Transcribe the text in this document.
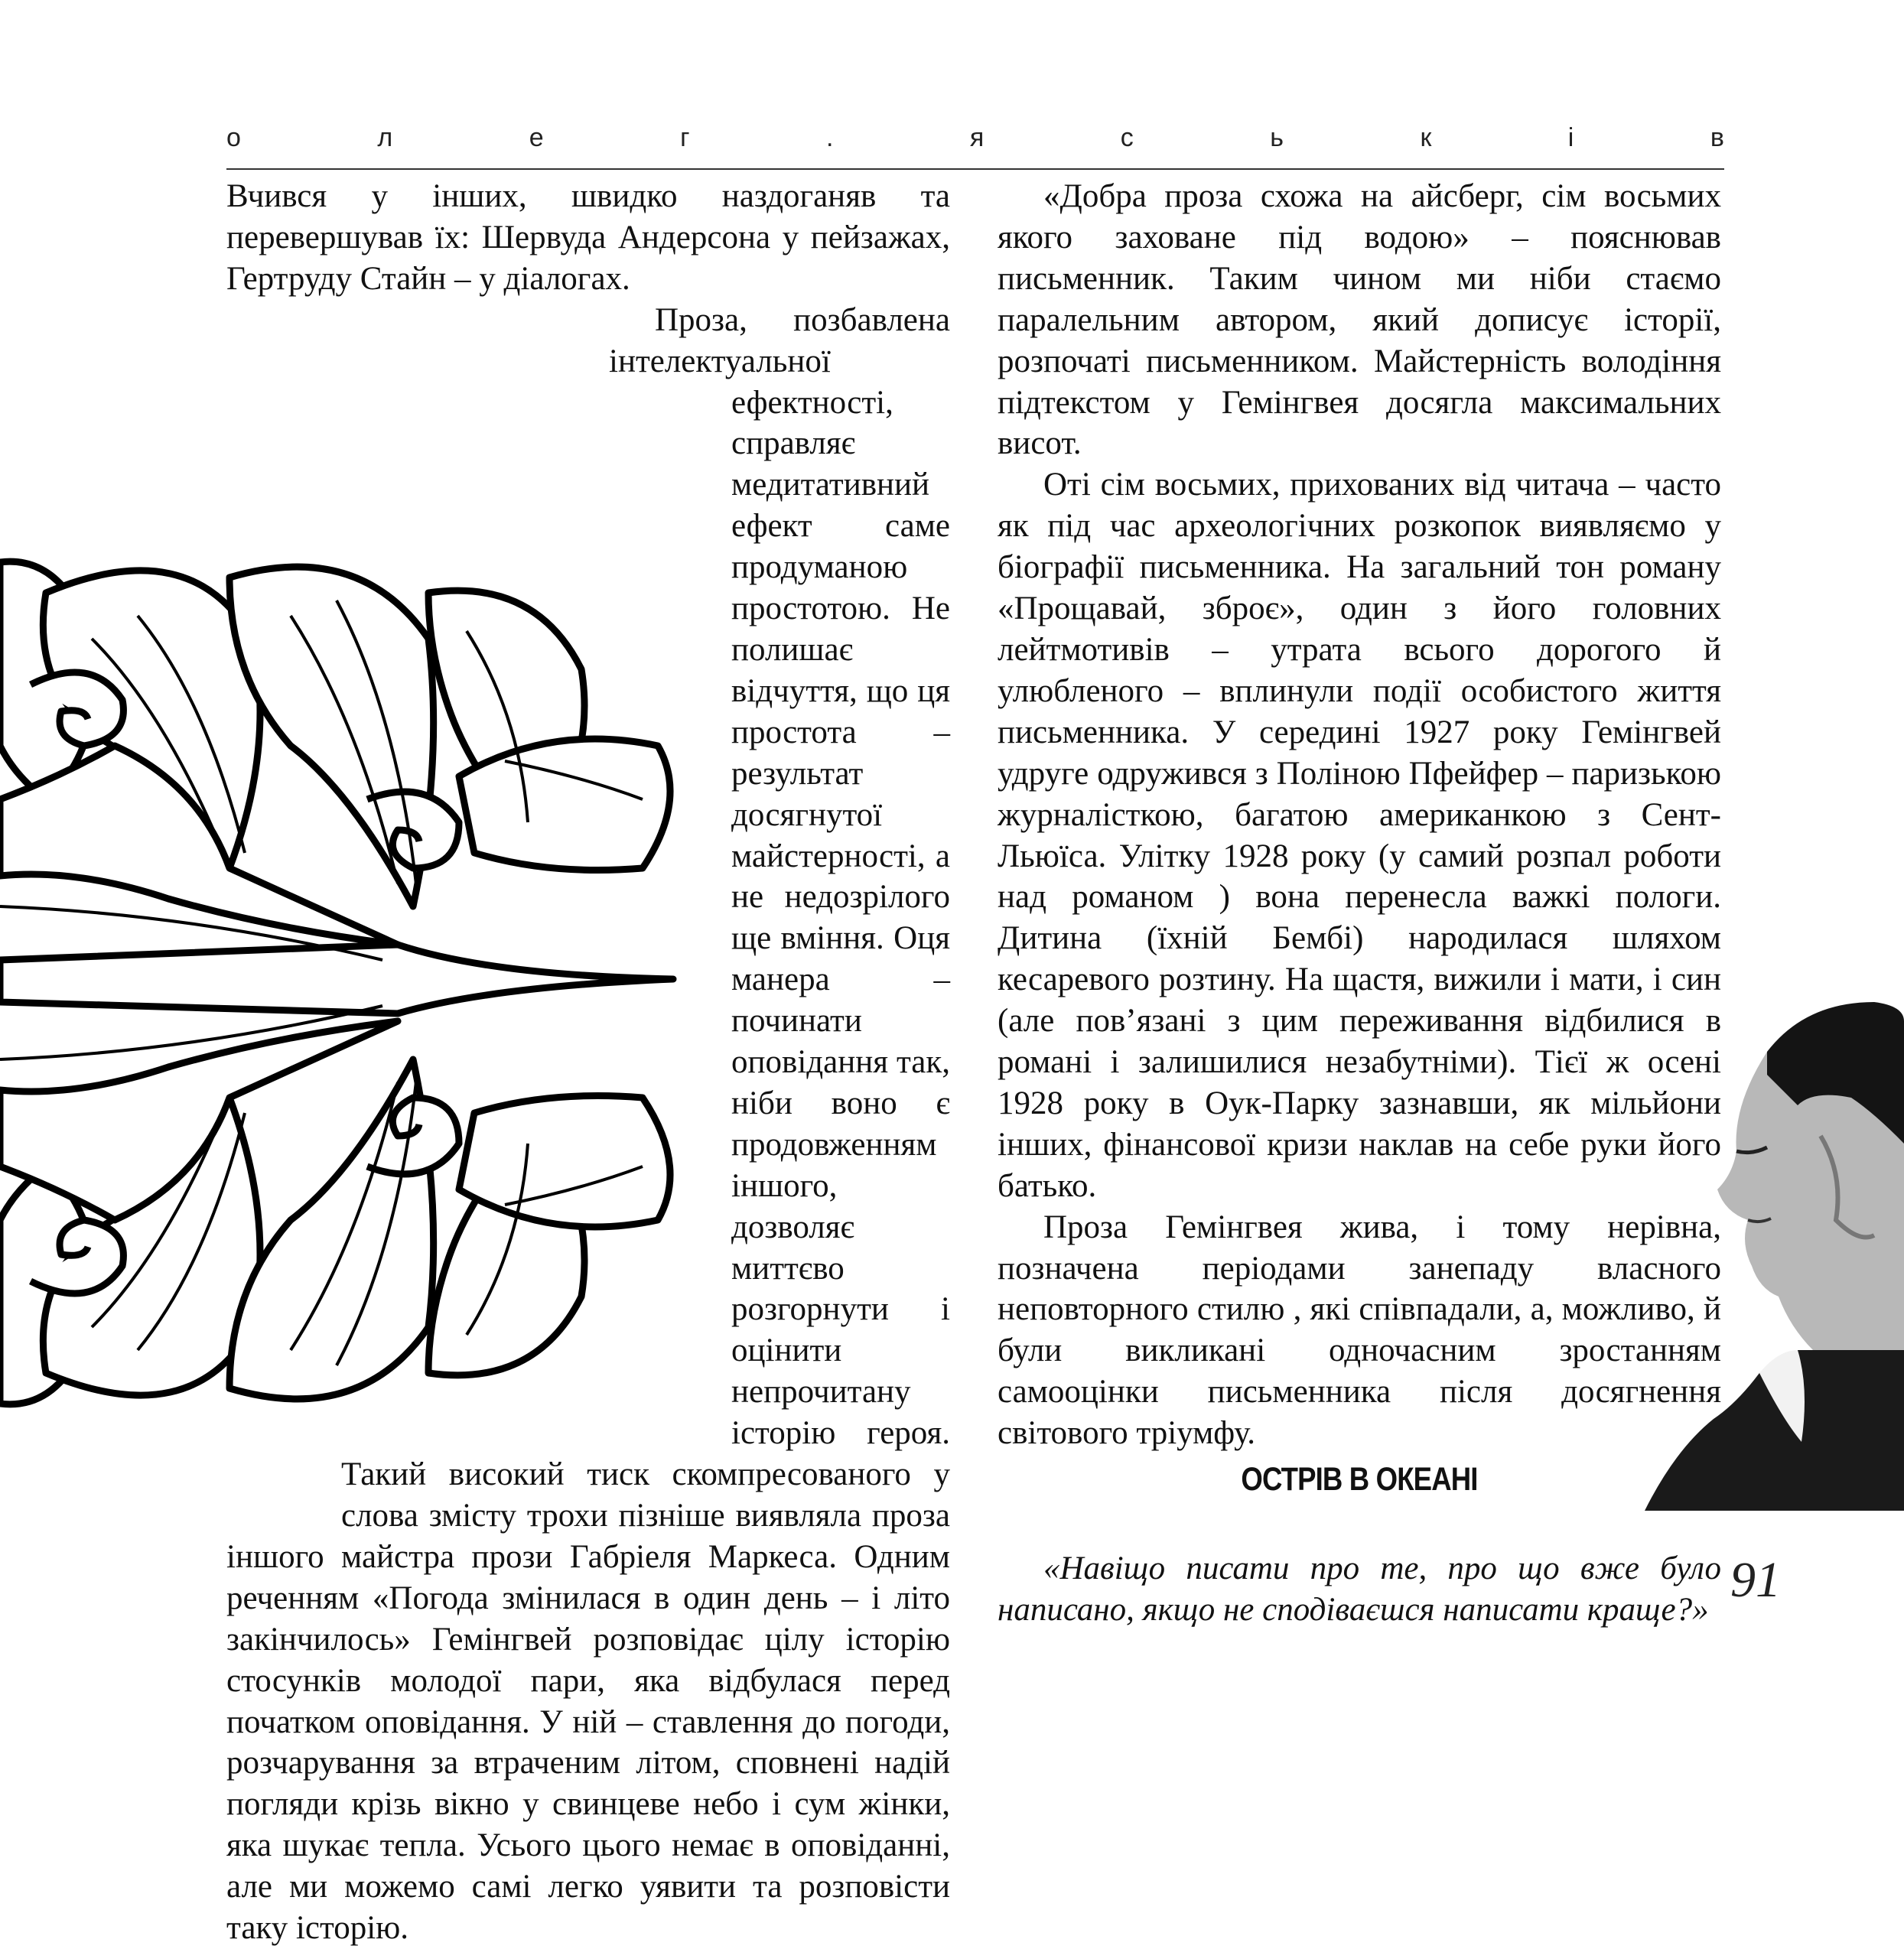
о	л	е	г	.	я	с	ь	к	і	в

Вчився у інших, швидко наздоганяв та перевершував їх: Шервуда Андерсона у пейзажах, Гертруду Стайн – у діалогах.

Проза, позбавлена інтелектуальної ефектності, справляє медитативний ефект саме продуманою простотою. Не полишає відчуття, що ця простота – результат досягнутої майстерності, а не недозрілого ще вміння. Оця манера – починати оповідання так, ніби воно є продовженням іншого, дозволяє миттєво розгорнути і оцінити непрочитану історію героя. Такий високий тиск скомпресованого у слова змісту трохи пізніше виявляла проза іншого майстра прози Габріеля Маркеса. Одним реченням «Погода змінилася в один день – і літо закінчилось» Гемінгвей розповідає цілу історію стосунків молодої пари, яка відбулася перед початком оповідання. У ній – ставлення до погоди, розчарування за втраченим літом, сповнені надій погляди крізь вікно у свинцеве небо і сум жінки, яка шукає тепла. Усього цього немає в оповіданні, але ми можемо самі легко уявити та розповісти таку історію.

«Добра проза схожа на айсберг, сім восьмих якого заховане під водою» – пояснював письменник. Таким чином ми ніби стаємо паралельним автором, який дописує історії, розпочаті письменником. Майстерність володіння підтекстом у Гемінгвея досягла максимальних висот.

Оті сім восьмих, прихованих від читача – часто як під час археологічних розкопок виявляємо у біографії письменника. На загальний тон роману «Прощавай, зброє», один з його головних лейтмотивів – утрата всього дорогого й улюбленого – вплинули події особистого життя письменника. У середині 1927 року Гемінгвей удруге одружився з Поліною Пфейфер – паризькою журналісткою, багатою американкою з Сент-Льюїса. Улітку 1928 року (у самий розпал роботи над романом ) вона перенесла важкі пологи. Дитина (їхній Бембі) народилася шляхом кесаревого розтину. На щастя, вижили і мати, і син (але пов’язані з цим переживання відбилися в романі і залишилися незабутніми). Тієї ж осені 1928 року в Оук-Парку зазнавши, як мільйони інших, фінансової кризи наклав на себе руки його батько.

Проза Гемінгвея жива, і тому нерівна, позначена періодами занепаду власного неповторного стилю , які співпадали, а, можливо, й були викликані одночасним зростанням самооцінки письменника після досягнення світового тріумфу.

ОСТРІВ В ОКЕАНІ

«Навіщо писати про те, про що вже було написано, якщо не сподіваєшся написати краще?»

91
